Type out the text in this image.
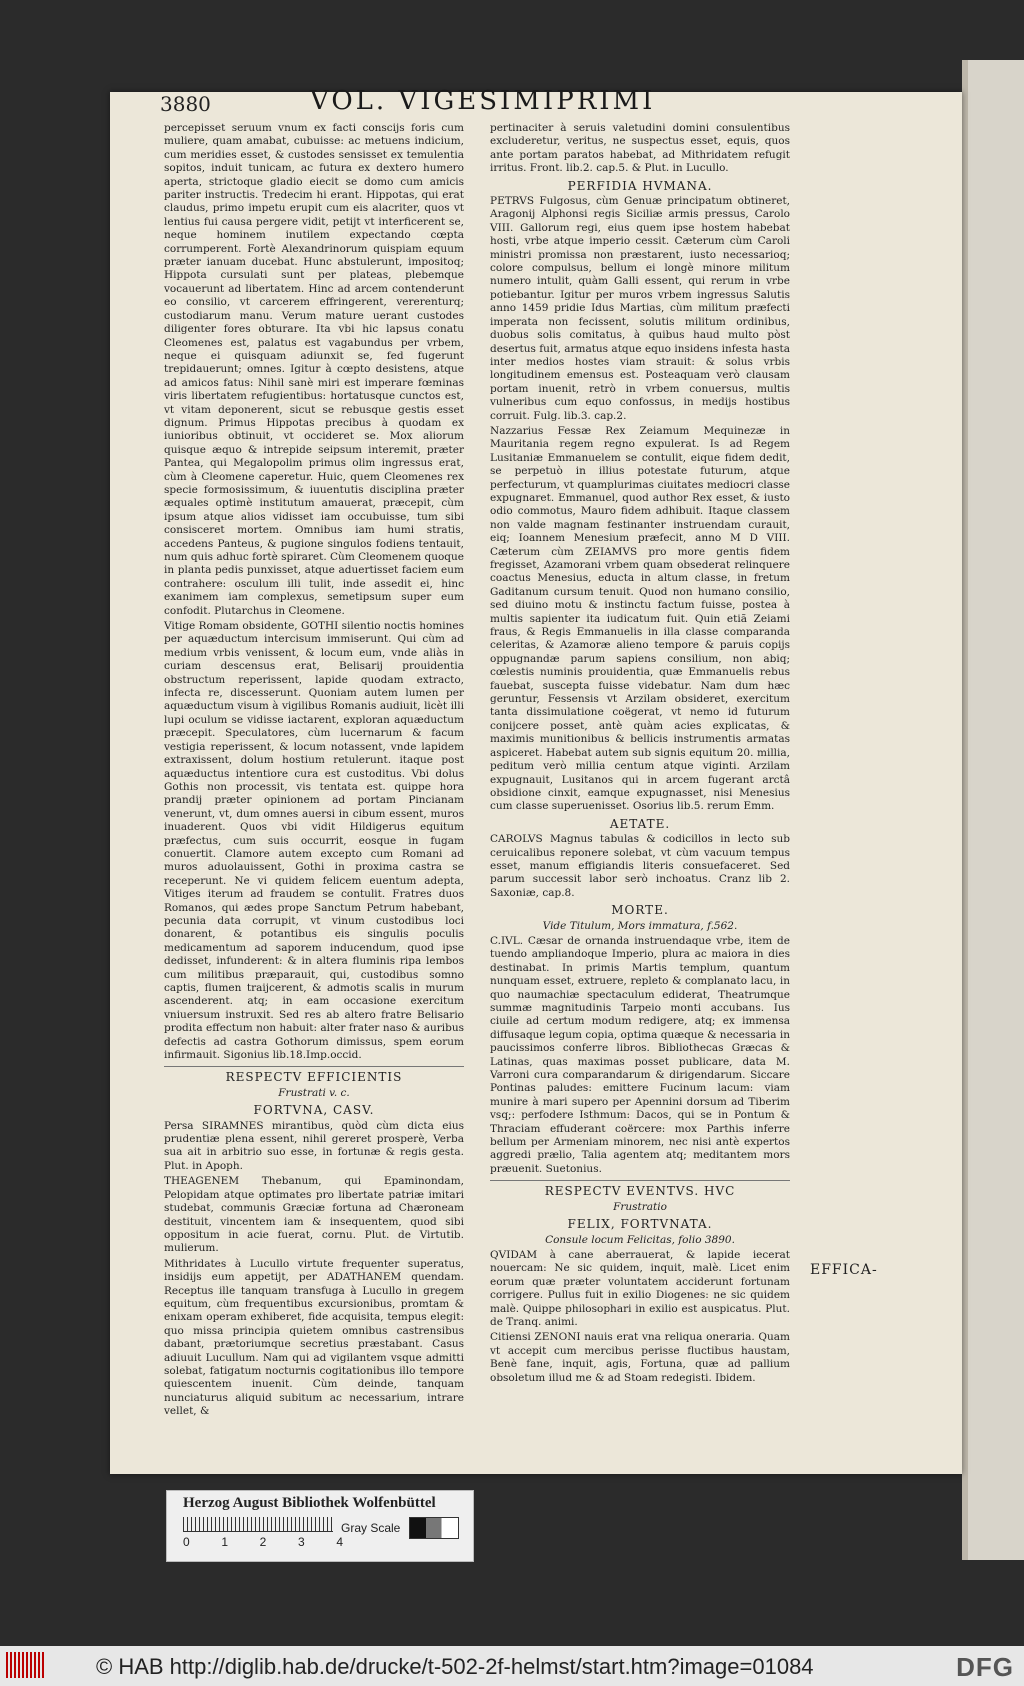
3880	VOL. VIGESIMIPRIMI

percepisset seruum vnum ex facti conscijs foris cum muliere, quam amabat, cubuisse: ac metuens indicium, cum meridies esset, & custodes sensisset ex temulentia sopitos, induit tunicam, ac futura ex dextero humero aperta, strictoque gladio eiecit se domo cum amicis pariter instructis. Tredecim hi erant. Hippotas, qui erat claudus, primo impetu erupit cum eis alacriter, quos vt lentius fui causa pergere vidit, petijt vt interficerent se, neque hominem inutilem expectando cœpta corrumperent. Fortè Alexandrinorum quispiam equum præter ianuam ducebat. Hunc abstulerunt, impositoq; Hippota cursulati sunt per plateas, plebemque vocauerunt ad libertatem. Hinc ad arcem contenderunt eo consilio, vt carcerem effringerent, vererenturq; custodiarum manu. Verum mature uerant custodes diligenter fores obturare. Ita vbi hic lapsus conatu Cleomenes est, palatus est vagabundus per vrbem, neque ei quisquam adiunxit se, fed fugerunt trepidauerunt; omnes. Igitur à cœpto desistens, atque ad amicos fatus: Nihil sanè miri est imperare fœminas viris libertatem refugientibus: hortatusque cunctos est, vt vitam deponerent, sicut se rebusque gestis esset dignum. Primus Hippotas precibus à quodam ex iunioribus obtinuit, vt occideret se. Mox aliorum quisque æquo & intrepide seipsum interemit, præter Pantea, qui Megalopolim primus olim ingressus erat, cùm à Cleomene caperetur. Huic, quem Cleomenes rex specie formosissimum, & iuuentutis disciplina præter æquales optimè institutum amauerat, præcepit, cùm ipsum atque alios vidisset iam occubuisse, tum sibi consisceret mortem. Omnibus iam humi stratis, accedens Panteus, & pugione singulos fodiens tentauit, num quis adhuc fortè spiraret. Cùm Cleomenem quoque in planta pedis punxisset, atque aduertisset faciem eum contrahere: osculum illi tulit, inde assedit ei, hinc exanimem iam complexus, semetipsum super eum confodit. Plutarchus in Cleomene.

Vitige Romam obsidente, GOTHI silentio noctis homines per aquæductum intercisum immiserunt. Qui cùm ad medium vrbis venissent, & locum eum, vnde aliàs in curiam descensus erat, Belisarij prouidentia obstructum reperissent, lapide quodam extracto, infecta re, discesserunt. Quoniam autem lumen per aquæductum visum à vigilibus Romanis audiuit, licèt illi lupi oculum se vidisse iactarent, exploran aquæductum præcepit. Speculatores, cùm lucernarum & facum vestigia reperissent, & locum notassent, vnde lapidem extraxissent, dolum hostium retulerunt. itaque post aquæductus intentiore cura est custoditus. Vbi dolus Gothis non processit, vis tentata est. quippe hora prandij præter opinionem ad portam Pincianam venerunt, vt, dum omnes auersi in cibum essent, muros inuaderent. Quos vbi vidit Hildigerus equitum præfectus, cum suis occurrit, eosque in fugam conuertit. Clamore autem excepto cum Romani ad muros aduolauissent, Gothi in proxima castra se receperunt. Ne vi quidem felicem euentum adepta, Vitiges iterum ad fraudem se contulit. Fratres duos Romanos, qui ædes prope Sanctum Petrum habebant, pecunia data corrupit, vt vinum custodibus loci donarent, & potantibus eis singulis poculis medicamentum ad saporem inducendum, quod ipse dedisset, infunderent: & in altera fluminis ripa lembos cum militibus præparauit, qui, custodibus somno captis, flumen traijcerent, & admotis scalis in murum ascenderent. atq; in eam occasione exercitum vniuersum instruxit. Sed res ab altero fratre Belisario prodita effectum non habuit: alter frater naso & auribus defectis ad castra Gothorum dimissus, spem eorum infirmauit. Sigonius lib.18.Imp.occid.

RESPECTV EFFICIENTIS
Frustrati v. c.
FORTVNA, CASV.

Persa SIRAMNES mirantibus, quòd cùm dicta eius prudentiæ plena essent, nihil gereret prosperè, Verba sua ait in arbitrio suo esse, in fortunæ & regis gesta. Plut. in Apoph.

THEAGENEM Thebanum, qui Epaminondam, Pelopidam atque optimates pro libertate patriæ imitari studebat, communis Græciæ fortuna ad Chæroneam destituit, vincentem iam & insequentem, quod sibi oppositum in acie fuerat, cornu. Plut. de Virtutib. mulierum.

Mithridates à Lucullo virtute frequenter superatus, insidijs eum appetijt, per ADATHANEM quendam. Receptus ille tanquam transfuga à Lucullo in gregem equitum, cùm frequentibus excursionibus, promtam & enixam operam exhiberet, fide acquisita, tempus elegit: quo missa principia quietem omnibus castrensibus dabant, prætoriumque secretius præstabant. Casus adiuuit Lucullum. Nam qui ad vigilantem vsque admitti solebat, fatigatum nocturnis cogitationibus illo tempore quiescentem inuenit. Cùm deinde, tanquam nunciaturus aliquid subitum ac necessarium, intrare vellet, &

pertinaciter à seruis valetudini domini consulentibus excluderetur, veritus, ne suspectus esset, equis, quos ante portam paratos habebat, ad Mithridatem refugit irritus. Front. lib.2. cap.5. & Plut. in Lucullo.

PERFIDIA HVMANA.

PETRVS Fulgosus, cùm Genuæ principatum obtineret, Aragonij Alphonsi regis Siciliæ armis pressus, Carolo VIII. Gallorum regi, eius quem ipse hostem habebat hosti, vrbe atque imperio cessit. Cæterum cùm Caroli ministri promissa non præstarent, iusto necessarioq; colore compulsus, bellum ei longè minore militum numero intulit, quàm Galli essent, qui rerum in vrbe potiebantur. Igitur per muros vrbem ingressus Salutis anno 1459 pridie Idus Martias, cùm militum præfecti imperata non fecissent, solutis militum ordinibus, duobus solis comitatus, à quibus haud multo pòst desertus fuit, armatus atque equo insidens infesta hasta inter medios hostes viam strauit: & solus vrbis longitudinem emensus est. Posteaquam verò clausam portam inuenit, retrò in vrbem conuersus, multis vulneribus cum equo confossus, in medijs hostibus corruit. Fulg. lib.3. cap.2.

Nazzarius Fessæ Rex Zeiamum Mequinezæ in Mauritania regem regno expulerat. Is ad Regem Lusitaniæ Emmanuelem se contulit, eique fidem dedit, se perpetuò in illius potestate futurum, atque perfecturum, vt quamplurimas ciuitates mediocri classe expugnaret. Emmanuel, quod author Rex esset, & iusto odio commotus, Mauro fidem adhibuit. Itaque classem non valde magnam festinanter instruendam curauit, eiq; Ioannem Menesium præfecit, anno M D VIII. Cæterum cùm ZEIAMVS pro more gentis fidem fregisset, Azamorani vrbem quam obsederat relinquere coactus Menesius, educta in altum classe, in fretum Gaditanum cursum tenuit. Quod non humano consilio, sed diuino motu & instinctu factum fuisse, postea à multis sapienter ita iudicatum fuit. Quin etiã Zeiami fraus, & Regis Emmanuelis in illa classe comparanda celeritas, & Azamoræ alieno tempore & paruis copijs oppugnandæ parum sapiens consilium, non abiq; cœlestis numinis prouidentia, quæ Emmanuelis rebus fauebat, suscepta fuisse videbatur. Nam dum hæc geruntur, Fessensis vt Arzilam obsideret, exercitum tanta dissimulatione coëgerat, vt nemo id futurum conijcere posset, antè quàm acies explicatas, & maximis munitionibus & bellicis instrumentis armatas aspiceret. Habebat autem sub signis equitum 20. millia, peditum verò millia centum atque viginti. Arzilam expugnauit, Lusitanos qui in arcem fugerant arctâ obsidione cinxit, eamque expugnasset, nisi Menesius cum classe superuenisset. Osorius lib.5. rerum Emm.

AETATE.

CAROLVS Magnus tabulas & codicillos in lecto sub ceruicalibus reponere solebat, vt cùm vacuum tempus esset, manum effigiandis literis consuefaceret. Sed parum successit labor serò inchoatus. Cranz lib 2. Saxoniæ, cap.8.

MORTE.
Vide Titulum, Mors immatura, f.562.

C.IVL. Cæsar de ornanda instruendaque vrbe, item de tuendo ampliandoque Imperio, plura ac maiora in dies destinabat. In primis Martis templum, quantum nunquam esset, extruere, repleto & complanato lacu, in quo naumachiæ spectaculum ediderat, Theatrumque summæ magnitudinis Tarpeio monti accubans. Ius ciuile ad certum modum redigere, atq; ex immensa diffusaque legum copia, optima quæque & necessaria in paucissimos conferre libros. Bibliothecas Græcas & Latinas, quas maximas posset publicare, data M. Varroni cura comparandarum & dirigendarum. Siccare Pontinas paludes: emittere Fucinum lacum: viam munire à mari supero per Apennini dorsum ad Tiberim vsq;: perfodere Isthmum: Dacos, qui se in Pontum & Thraciam effuderant coërcere: mox Parthis inferre bellum per Armeniam minorem, nec nisi antè expertos aggredi prælio, Talia agentem atq; meditantem mors præuenit. Suetonius.

RESPECTV EVENTVS. HVC
Frustratio
FELIX, FORTVNATA.
Consule locum Felicitas, folio 3890.

QVIDAM à cane aberrauerat, & lapide iecerat nouercam: Ne sic quidem, inquit, malè. Licet enim eorum quæ præter voluntatem acciderunt fortunam corrigere. Pullus fuit in exilio Diogenes: ne sic quidem malè. Quippe philosophari in exilio est auspicatus. Plut. de Tranq. animi.

Citiensi ZENONI nauis erat vna reliqua oneraria. Quam vt accepit cum mercibus perisse fluctibus haustam, Benè fane, inquit, agis, Fortuna, quæ ad pallium obsoletum illud me & ad Stoam redegisti. Ibidem.

EFFICA-
Herzog August Bibliothek Wolfenbüttel
0	1	2	3	4
Gray Scale
© HAB http://diglib.hab.de/drucke/t-502-2f-helmst/start.htm?image=01084	DFG
